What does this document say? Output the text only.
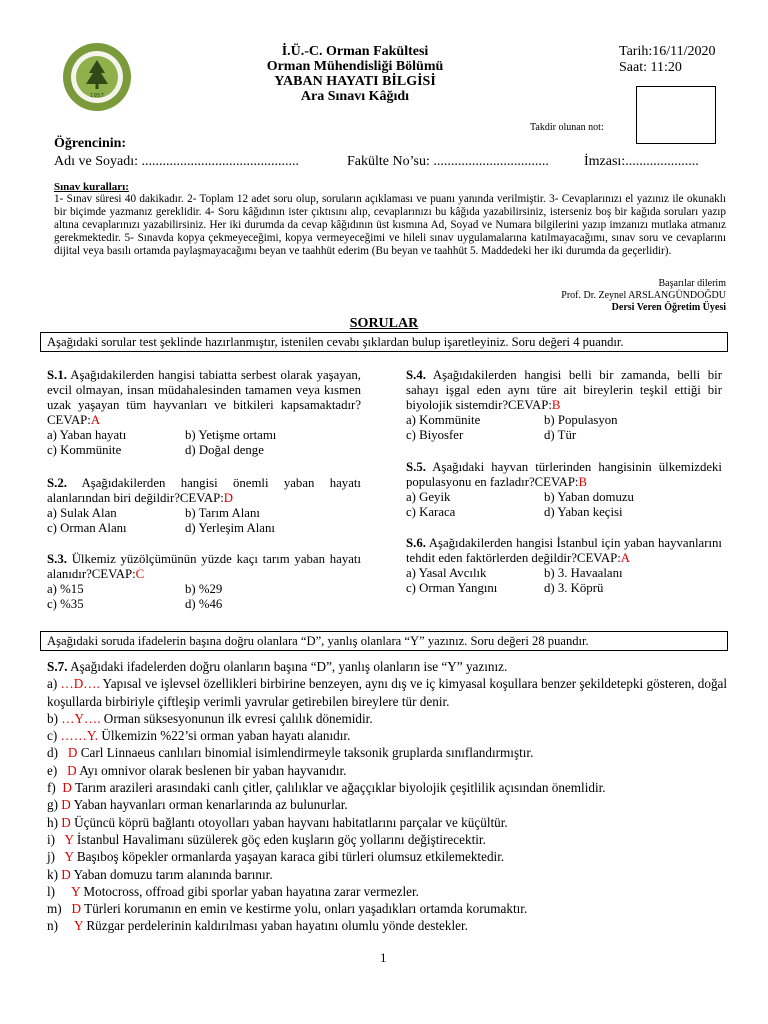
1957
İ.Ü.-C. Orman Fakültesi
Orman Mühendisliği Bölümü
YABAN HAYATI BİLGİSİ
Ara Sınavı Kâğıdı
Tarih:16/11/2020
Saat: 11:20
Takdir olunan not:
Öğrencinin:
Adı ve Soyadı: .............................................	Fakülte No’su: .................................	İmzası:.....................
Sınav kuralları:
1- Sınav süresi 40 dakikadır. 2- Toplam 12 adet soru olup, soruların açıklaması ve puanı yanında verilmiştir. 3- Cevaplarınızı el yazınız ile okunaklı bir biçimde yazmanız gereklidir. 4- Soru kâğıdının ister çıktısını alıp, cevaplarınızı bu kâğıda yazabilirsiniz, isterseniz boş bir kağıda soruları yazıp altına cevaplarınızı yazabilirsiniz. Her iki durumda da cevap kâğıdının üst kısmına Ad, Soyad ve Numara bilgilerini yazıp imzanızı mutlaka atmanız gerekmektedir. 5- Sınavda kopya çekmeyeceğimi, kopya vermeyeceğimi ve hileli sınav uygulamalarına katılmayacağımı, sınav soru ve cevaplarını dijital veya basılı ortamda paylaşmayacağımı beyan ve taahhüt ederim (Bu beyan ve taahhüt 5. Maddedeki her iki durumda da geçerlidir).
Başarılar dilerim
Prof. Dr. Zeynel ARSLANGÜNDOĞDU
Dersi Veren Öğretim Üyesi
SORULAR
Aşağıdaki sorular test şeklinde hazırlanmıştır, istenilen cevabı şıklardan bulup işaretleyiniz. Soru değeri 4 puandır.
S.1. Aşağıdakilerden hangisi tabiatta serbest olarak yaşayan, evcil olmayan, insan müdahalesinden tamamen veya kısmen uzak yaşayan tüm hayvanları ve bitkileri kapsamaktadır?CEVAP:A
a) Yaban hayatı	b) Yetişme ortamı
c) Kommünite	d) Doğal denge
S.2. Aşağıdakilerden hangisi önemli yaban hayatı alanlarından biri değildir?CEVAP:D
a) Sulak Alan	b) Tarım Alanı
c) Orman Alanı	d) Yerleşim Alanı
S.3. Ülkemiz yüzölçümünün yüzde kaçı tarım yaban hayatı alanıdır?CEVAP:C
a) %15	b) %29
c) %35	d) %46
S.4. Aşağıdakilerden hangisi belli bir zamanda, belli bir sahayı işgal eden aynı türe ait bireylerin teşkil ettiği bir biyolojik sistemdir?CEVAP:B
a) Kommünite	b) Populasyon
c) Biyosfer	d) Tür
S.5. Aşağıdaki hayvan türlerinden hangisinin ülkemizdeki populasyonu en fazladır?CEVAP:B
a) Geyik	b) Yaban domuzu
c) Karaca	d) Yaban keçisi
S.6. Aşağıdakilerden hangisi İstanbul için yaban hayvanlarını tehdit eden faktörlerden değildir?CEVAP:A
a) Yasal Avcılık	b) 3. Havaalanı
c) Orman Yangını	d) 3. Köprü
Aşağıdaki soruda ifadelerin başına doğru olanlara “D”, yanlış olanlara “Y” yazınız. Soru değeri 28 puandır.
S.7. Aşağıdaki ifadelerden doğru olanların başına “D”, yanlış olanların ise “Y” yazınız.
a) …D…. Yapısal ve işlevsel özellikleri birbirine benzeyen, aynı dış ve iç kimyasal koşullara benzer şekildetepki gösteren, doğal koşullarda birbiriyle çiftleşip verimli yavrular getirebilen bireylere tür denir.
b) …Y…. Orman süksesyonunun ilk evresi çalılık dönemidir.
c) ……Y. Ülkemizin %22’si orman yaban hayatı alanıdır.
d) D Carl Linnaeus canlıları binomial isimlendirmeyle taksonik gruplarda sınıflandırmıştır.
e) D Ayı omnivor olarak beslenen bir yaban hayvanıdır.
f) D Tarım arazileri arasındaki canlı çitler, çalılıklar ve ağaççıklar biyolojik çeşitlilik açısından önemlidir.
g) D Yaban hayvanları orman kenarlarında az bulunurlar.
h) D Üçüncü köprü bağlantı otoyolları yaban hayvanı habitatlarını parçalar ve küçültür.
i) Y İstanbul Havalimanı süzülerek göç eden kuşların göç yollarını değiştirecektir.
j) Y Başıboş köpekler ormanlarda yaşayan karaca gibi türleri olumsuz etkilemektedir.
k) D Yaban domuzu tarım alanında barınır.
l) Y Motocross, offroad gibi sporlar yaban hayatına zarar vermezler.
m) D Türleri korumanın en emin ve kestirme yolu, onları yaşadıkları ortamda korumaktır.
n) Y Rüzgar perdelerinin kaldırılması yaban hayatını olumlu yönde destekler.
1
